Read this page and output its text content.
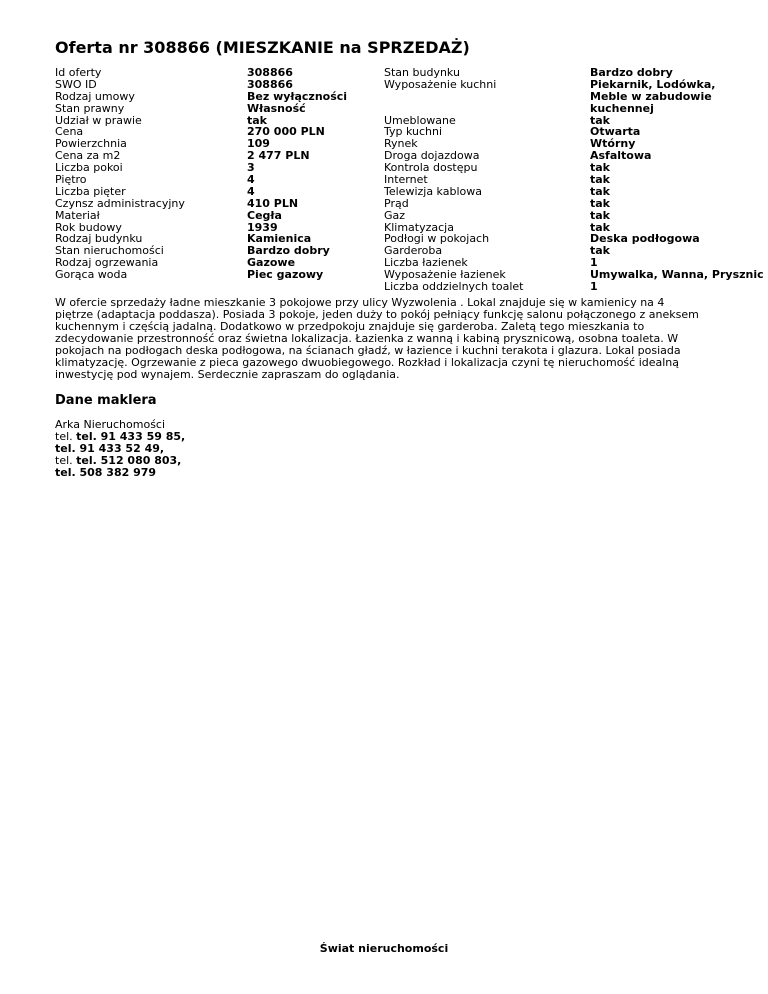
Oferta nr 308866 (MIESZKANIE na SPRZEDAŻ)
Id oferty
SWO ID
Rodzaj umowy
Stan prawny
Udział w prawie
Cena
Powierzchnia
Cena za m2
Liczba pokoi
Piętro
Liczba pięter
Czynsz administracyjny
Materiał
Rok budowy
Rodzaj budynku
Stan nieruchomości
Rodzaj ogrzewania
Gorąca woda
308866
308866
Bez wyłączności
Własność
tak
270 000 PLN
109
2 477 PLN
3
4
4
410 PLN
Cegła
1939
Kamienica
Bardzo dobry
Gazowe
Piec gazowy
Stan budynku
Wyposażenie kuchni
Umeblowane
Typ kuchni
Rynek
Droga dojazdowa
Kontrola dostępu
Internet
Telewizja kablowa
Prąd
Gaz
Klimatyzacja
Podłogi w pokojach
Garderoba
Liczba łazienek
Wyposażenie łazienek
Liczba oddzielnych toalet
Bardzo dobry
Piekarnik, Lodówka, Meble w zabudowie kuchennej
tak
Otwarta
Wtórny
Asfaltowa
tak
tak
tak
tak
tak
tak
Deska podłogowa
tak
1
Umywalka, Wanna, Prysznic
1
W ofercie sprzedaży ładne mieszkanie 3 pokojowe przy ulicy Wyzwolenia . Lokal znajduje się w kamienicy na 4 piętrze (adaptacja poddasza). Posiada 3 pokoje, jeden duży to pokój pełniący funkcję salonu połączonego z aneksem kuchennym i częścią jadalną. Dodatkowo w przedpokoju znajduje się garderoba. Zaletą tego mieszkania to zdecydowanie przestronność oraz świetna lokalizacja. Łazienka z wanną i kabiną prysznicową, osobna toaleta. W pokojach na podłogach deska podłogowa, na ścianach gładź, w łazience i kuchni terakota i glazura. Lokal posiada klimatyzację. Ogrzewanie z pieca gazowego dwuobiegowego. Rozkład i lokalizacja czyni tę nieruchomość idealną inwestycję pod wynajem. Serdecznie zapraszam do oglądania.
Dane maklera
Arka Nieruchomości
tel. tel. 91 433 59 85,
tel. 91 433 52 49,
tel. tel. 512 080 803,
tel. 508 382 979
Świat nieruchomości
